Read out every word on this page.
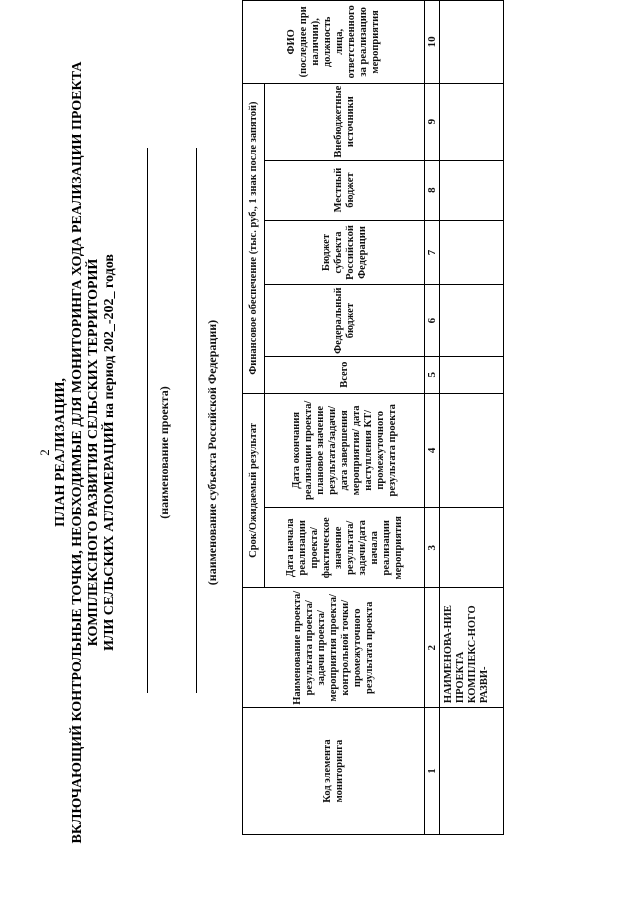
2 ПЛАН РЕАЛИЗАЦИИ, ВКЛЮЧАЮЩИЙ КОНТРОЛЬНЫЕ ТОЧКИ, НЕОБХОДИМЫЕ ДЛЯ МОНИТОРИНГА ХОДА РЕАЛИЗАЦИИ ПРОЕКТА КОМПЛЕКСНОГО РАЗВИТИЯ СЕЛЬСКИХ ТЕРРИТОРИЙ ИЛИ СЕЛЬСКИХ АГЛОМЕРАЦИЙ на период 202_-202_ годов	(наименование проекта)	(наименование субъекта Российской Федерации)
Код элемента мониторинга	Наименование проекта/результата проекта/задачи проекта/мероприятия проекта/контрольной точки/промежуточного результата проекта	Срок/Ожидаемый результат		Финансовое обеспечение (тыс. руб., 1 знак после запятой)					ФИО (последнее при наличии), должность лица, ответственного за реализацию мероприятия
		Дата начала реализации проекта/фактическое значение результата/задачи/дата начала реализации мероприятия	Дата окончания реализации проекта/плановое значение результата/задачи/ дата завершения мероприятия/ дата наступления КТ/промежуточного результата проекта	Всего	Федеральный бюджет	Бюджет субъекта Российской Федерации	Местный бюджет	Внебюджетные источники	
1	2	3	4	5	6	7	8	9	10
	НАИМЕНОВА-НИЕ ПРОЕКТА КОМПЛЕКС-НОГО РАЗВИ-								
